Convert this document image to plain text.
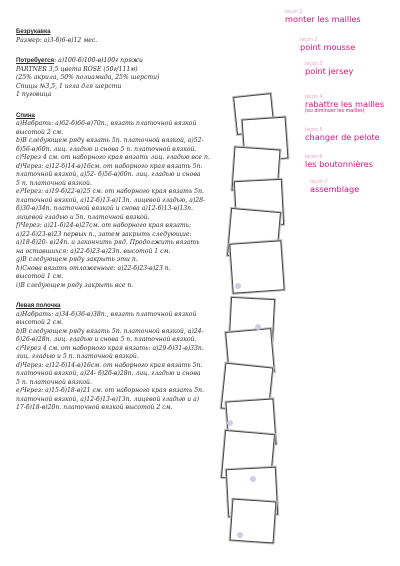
Безрукавка
Размер: а)3-б)6-в)12 мес.
Потребуется: а)100-б)100-в)100г пряжи
PARTNER 3,5 цвета ROSE (50г/111м)
(25% акрила, 50% полиамида, 25% шерсти)
Спицы №3,5, 1 игла для шерсти
1 пуговица
Спина
а)Набрать: а)62-б)66-в)70п., вязать платочной вязкой
высотой 2 см.
b)В следующем ряду вязать 5п. платочной вязкой, а)52-
б)56-в)60п. лиц. гладью и снова 5 п. платочной вязкой.
c)Через 4 см. от наборного края вязать лиц. гладью все п.
d)Через: а)12-б)14-в)16см. от наборного края вязать 5п.
платочной вязкой, а)52- б)56-в)60п. лиц. гладью и снова
5 п. платочной вязкой.
е)Через: а)19-б)22-в)25 см. от наборного края вязать 5п.
платочной вязкой, а)12-б)13-в)13п. лицевой гладью, а)28-
б)30-в)34п. платочной вязкой и снова а)12-б)13-в)13п.
лицевой гладью и 5п. платочной вязкой.
f)Через: а)21-б)24-в)27см. от наборного края вязать:
а)22-б)23-в)23 первых п., затем закрыть следующие:
а)18-б)20- в)24п. и закончить ряд. Продолжить вязать
на оставшихся: а)22-б)23-в)23п. высотой 1 см.
g)В следующем ряду закрыть эти п.
h)Снова вязать отложенные: а)22-б)23-в)23 п.
высотой 1 см.
i)В следующем ряду закрыть все п.
Левая полочка
а)Набрать: а)34-б)36-в)38п., вязать платочной вязкой
высотой 2 см.
b)В следующем ряду вязать 5п. платочной вязкой, а)24-
б)26-в)28п. лиц. гладью и снова 5 п. платочной вязкой.
c)Через 4 см. от наборного края вязать: а)29-б)31-в)33п.
лиц. гладью и 5 п. платочной вязкой.
d)Через: а)12-б)14-в)16см. от наборного края вязать 5п.
платочной вязкой, а)24- б)26-в)28п. лиц. гладью и снова
5 п. платочной вязкой.
е)Через: а)15-б)18-в)21 см. от наборного края вязать 5п.
платочной вязкой, а)12-б)13-в)13п. лицевой гладью и а)
17-б)18-в)20п. платочной вязкой высотой 2 см.
leçon 1
monter les mailles
leçon 2
point mousse
leçon 3
point jersey
leçon 4
rabattre les mailles
(ou diminuer les mailles)
leçon 5
changer de pelote
leçon 6
les boutonnières
leçon 7
assemblage
